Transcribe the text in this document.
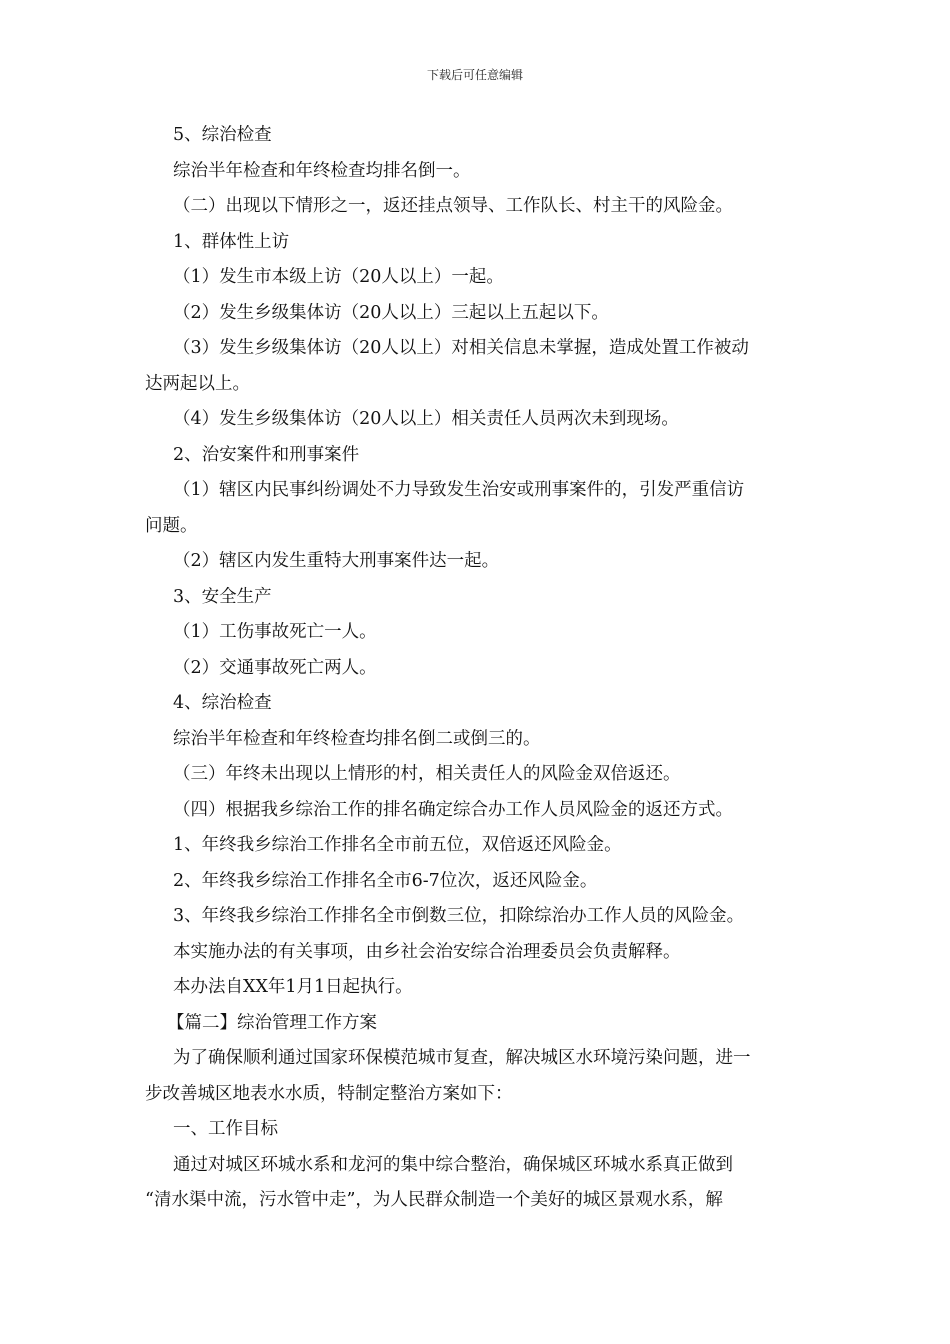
下载后可任意编辑
5、综治检查
综治半年检查和年终检查均排名倒一。
（二）出现以下情形之一，返还挂点领导、工作队长、村主干的风险金。
1、群体性上访
（1）发生市本级上访（20人以上）一起。
（2）发生乡级集体访（20人以上）三起以上五起以下。
（3）发生乡级集体访（20人以上）对相关信息未掌握，造成处置工作被动
达两起以上。
（4）发生乡级集体访（20人以上）相关责任人员两次未到现场。
2、治安案件和刑事案件
（1）辖区内民事纠纷调处不力导致发生治安或刑事案件的，引发严重信访
问题。
（2）辖区内发生重特大刑事案件达一起。
3、安全生产
（1）工伤事故死亡一人。
（2）交通事故死亡两人。
4、综治检查
综治半年检查和年终检查均排名倒二或倒三的。
（三）年终未出现以上情形的村，相关责任人的风险金双倍返还。
（四）根据我乡综治工作的排名确定综合办工作人员风险金的返还方式。
1、年终我乡综治工作排名全市前五位，双倍返还风险金。
2、年终我乡综治工作排名全市6-7位次，返还风险金。
3、年终我乡综治工作排名全市倒数三位，扣除综治办工作人员的风险金。
本实施办法的有关事项，由乡社会治安综合治理委员会负责解释。
本办法自XX年1月1日起执行。
【篇二】综治管理工作方案
为了确保顺利通过国家环保模范城市复查，解决城区水环境污染问题，进一
步改善城区地表水水质，特制定整治方案如下：
一、工作目标
通过对城区环城水系和龙河的集中综合整治，确保城区环城水系真正做到
“清水渠中流，污水管中走”，为人民群众制造一个美好的城区景观水系，解
